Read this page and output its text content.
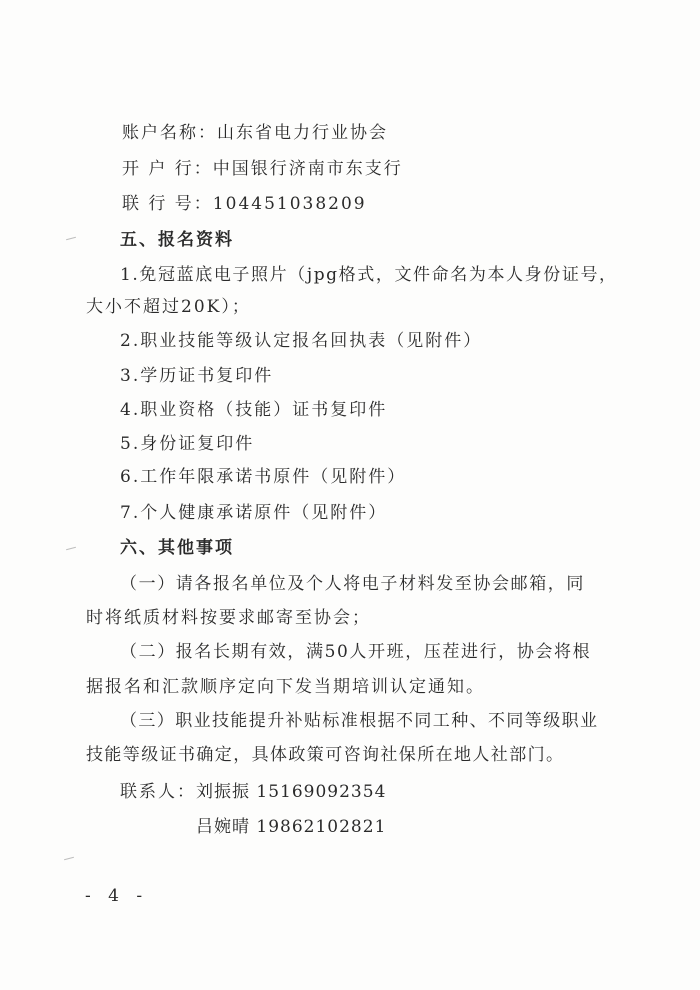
账户名称：山东省电力行业协会
开 户 行：中国银行济南市东支行
联 行 号：104451038209
五、报名资料
1.免冠蓝底电子照片（jpg格式，文件命名为本人身份证号，
大小不超过20K）；
2.职业技能等级认定报名回执表（见附件）
3.学历证书复印件
4.职业资格（技能）证书复印件
5.身份证复印件
6.工作年限承诺书原件（见附件）
7.个人健康承诺原件（见附件）
六、其他事项
（一）请各报名单位及个人将电子材料发至协会邮箱，同
时将纸质材料按要求邮寄至协会；
（二）报名长期有效，满50人开班，压茬进行，协会将根
据报名和汇款顺序定向下发当期培训认定通知。
（三）职业技能提升补贴标准根据不同工种、不同等级职业
技能等级证书确定，具体政策可咨询社保所在地人社部门。
联系人： 刘振振 15169092354
吕婉晴 19862102821
- 4 -
